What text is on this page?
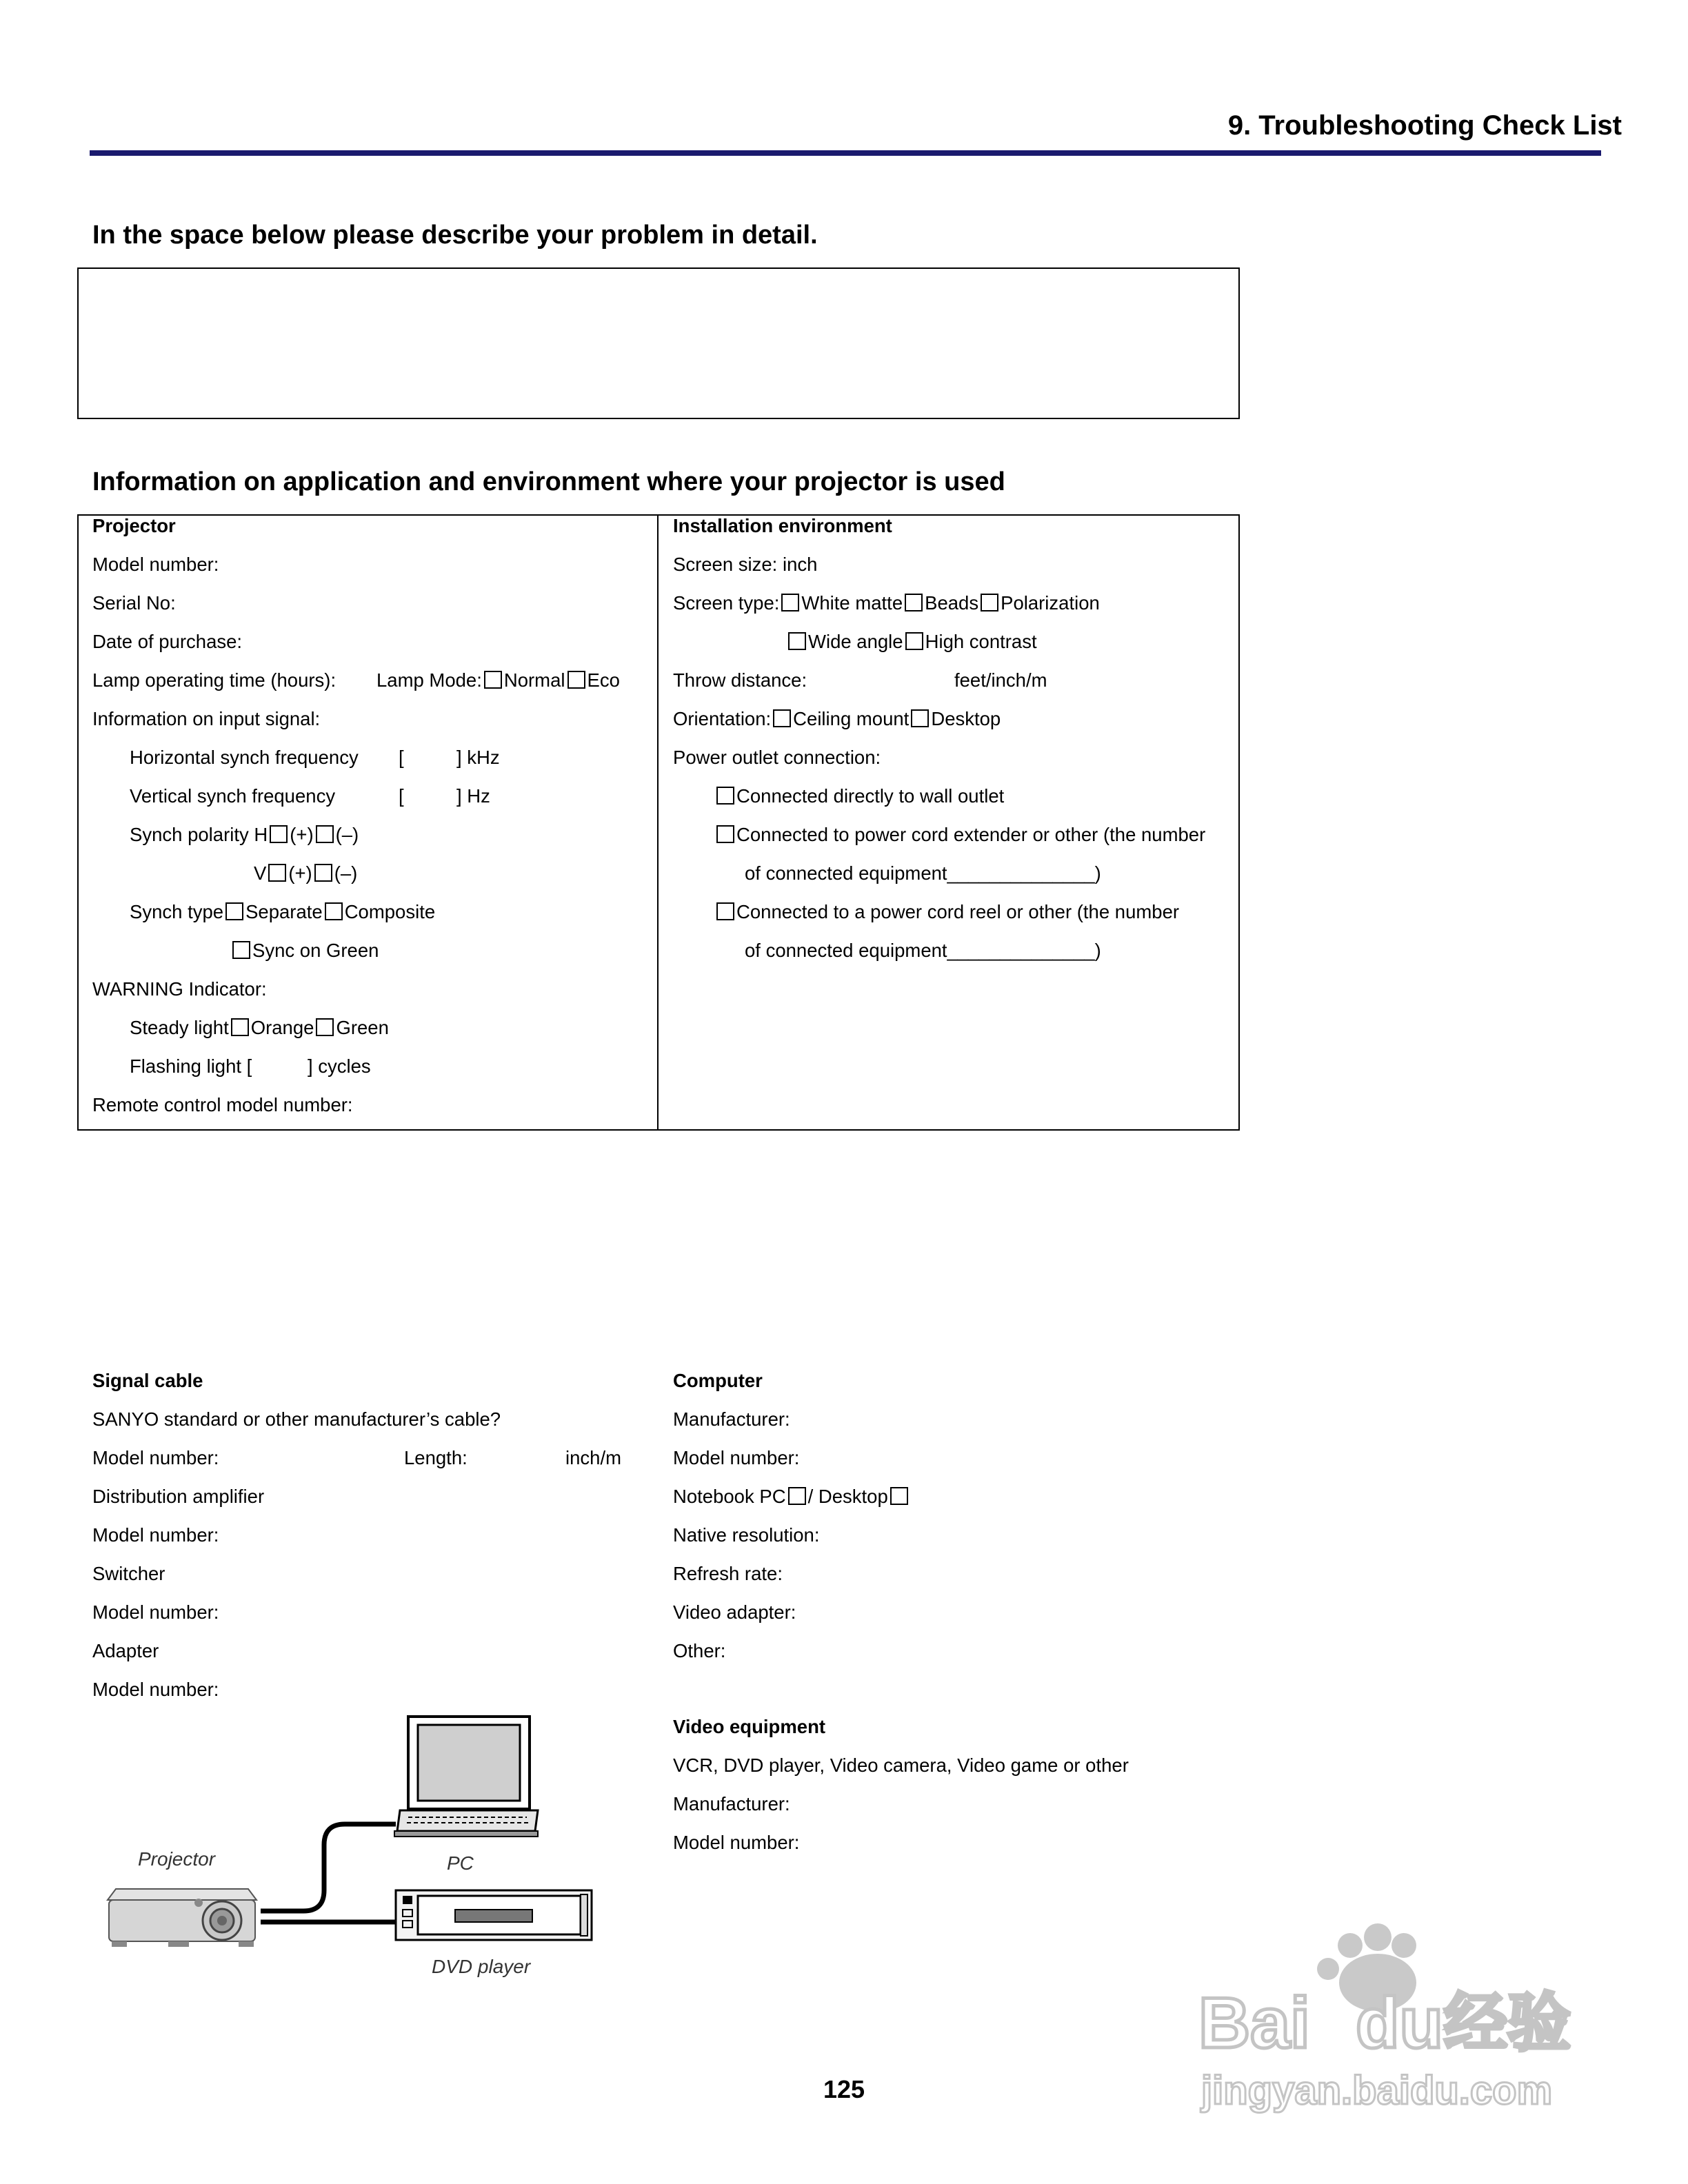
9. Troubleshooting Check List
In the space below please describe your problem in detail.
Information on application and environment where your projector is used
Projector
Model number:
Serial No:
Date of purchase:
Lamp operating time (hours): Lamp Mode: Normal Eco
Information on input signal:
Horizontal synch frequency [	] kHz
Vertical synch frequency	[	] Hz
Synch polarity H (+) (–)
V (+) (–)
Synch type Separate Composite
Sync on Green
WARNING Indicator:
Steady light Orange Green
Flashing light [	] cycles
Remote control model number:
Installation environment
Screen size: inch
Screen type: White matte Beads Polarization
Wide angle High contrast
Throw distance:	feet/inch/m
Orientation: Ceiling mount Desktop
Power outlet connection:
Connected directly to wall outlet
Connected to power cord extender or other (the number
of connected equipment______________)
Connected to a power cord reel or other (the number
of connected equipment______________)
Signal cable
SANYO standard or other manufacturer’s cable?
Model number:	Length:	inch/m
Distribution amplifier
Model number:
Switcher
Model number:
Adapter
Model number:
Computer
Manufacturer:
Model number:
Notebook PC / Desktop
Native resolution:
Refresh rate:
Video adapter:
Other:
Video equipment
VCR, DVD player, Video camera, Video game or other
Manufacturer:
Model number:
Projector	PC
DVD player
125
Bai du 经验
jingyan.baidu.com
